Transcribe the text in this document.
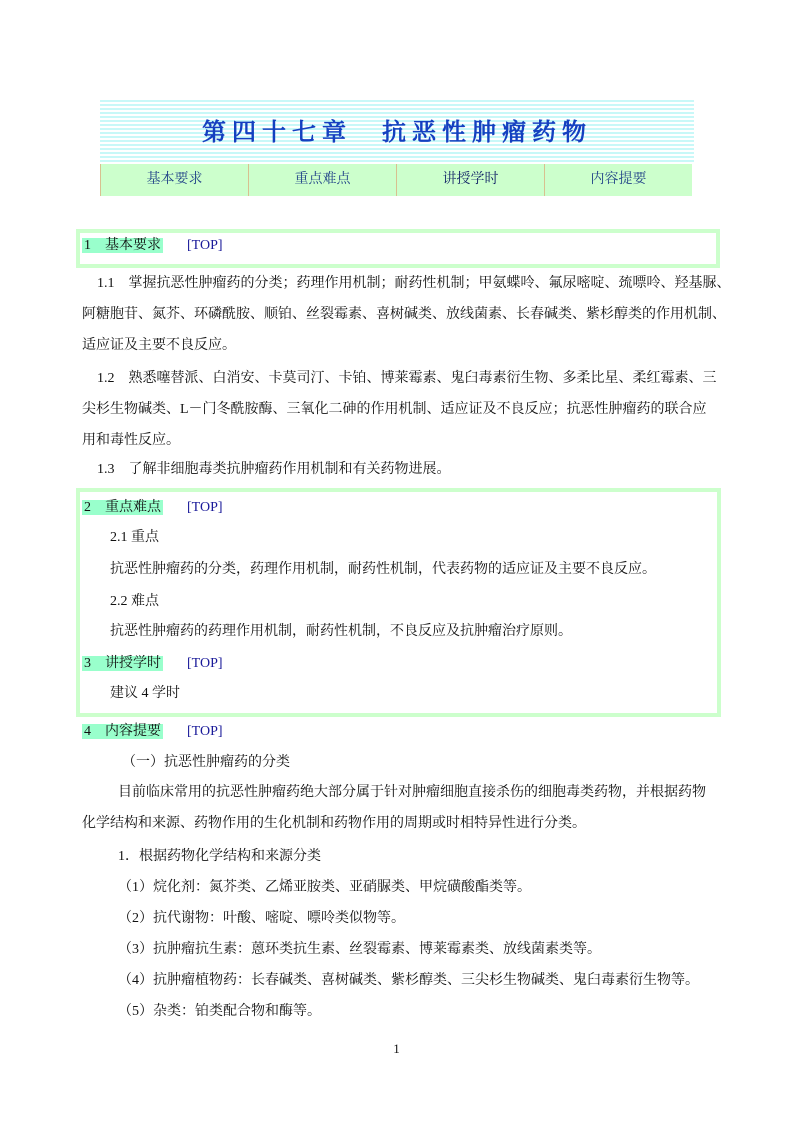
第四十七章　抗恶性肿瘤药物
基本要求	重点难点	讲授学时	内容提要
1　基本要求 [TOP]
1.1　掌握抗恶性肿瘤药的分类；药理作用机制；耐药性机制；甲氨蝶呤、氟尿嘧啶、巯嘌呤、羟基脲、
阿糖胞苷、氮芥、环磷酰胺、顺铂、丝裂霉素、喜树碱类、放线菌素、长春碱类、紫杉醇类的作用机制、
适应证及主要不良反应。
1.2　熟悉噻替派、白消安、卡莫司汀、卡铂、博莱霉素、鬼臼毒素衍生物、多柔比星、柔红霉素、三
尖杉生物碱类、L－门冬酰胺酶、三氧化二砷的作用机制、适应证及不良反应；抗恶性肿瘤药的联合应
用和毒性反应。
1.3　了解非细胞毒类抗肿瘤药作用机制和有关药物进展。
2　重点难点 [TOP]
2.1 重点
抗恶性肿瘤药的分类，药理作用机制，耐药性机制，代表药物的适应证及主要不良反应。
2.2 难点
抗恶性肿瘤药的药理作用机制，耐药性机制，不良反应及抗肿瘤治疗原则。
3　讲授学时 [TOP]
建议 4 学时
4　内容提要 [TOP]
（一）抗恶性肿瘤药的分类
目前临床常用的抗恶性肿瘤药绝大部分属于针对肿瘤细胞直接杀伤的细胞毒类药物，并根据药物
化学结构和来源、药物作用的生化机制和药物作用的周期或时相特异性进行分类。
1．根据药物化学结构和来源分类
（1）烷化剂：氮芥类、乙烯亚胺类、亚硝脲类、甲烷磺酸酯类等。
（2）抗代谢物：叶酸、嘧啶、嘌呤类似物等。
（3）抗肿瘤抗生素：蒽环类抗生素、丝裂霉素、博莱霉素类、放线菌素类等。
（4）抗肿瘤植物药：长春碱类、喜树碱类、紫杉醇类、三尖杉生物碱类、鬼臼毒素衍生物等。
（5）杂类：铂类配合物和酶等。
1
